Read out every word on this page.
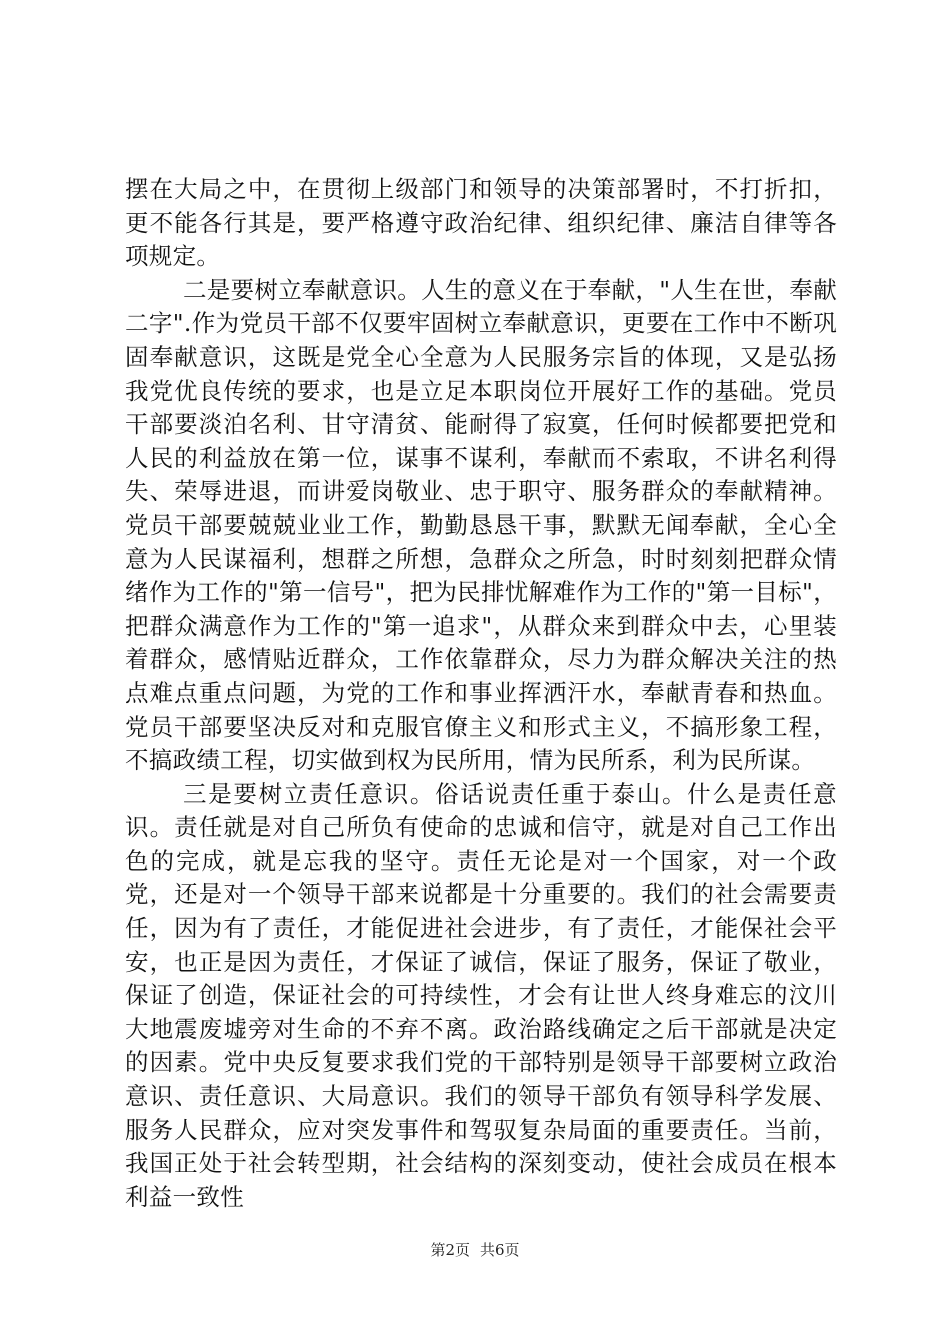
摆在大局之中，在贯彻上级部门和领导的决策部署时，不打折扣，更不能各行其是，要严格遵守政治纪律、组织纪律、廉洁自律等各项规定。

二是要树立奉献意识。人生的意义在于奉献，"人生在世，奉献二字".作为党员干部不仅要牢固树立奉献意识，更要在工作中不断巩固奉献意识，这既是党全心全意为人民服务宗旨的体现，又是弘扬我党优良传统的要求，也是立足本职岗位开展好工作的基础。党员干部要淡泊名利、甘守清贫、能耐得了寂寞，任何时候都要把党和人民的利益放在第一位，谋事不谋利，奉献而不索取，不讲名利得失、荣辱进退，而讲爱岗敬业、忠于职守、服务群众的奉献精神。党员干部要兢兢业业工作，勤勤恳恳干事，默默无闻奉献，全心全意为人民谋福利，想群之所想，急群众之所急，时时刻刻把群众情绪作为工作的"第一信号"，把为民排忧解难作为工作的"第一目标"，把群众满意作为工作的"第一追求"，从群众来到群众中去，心里装着群众，感情贴近群众，工作依靠群众，尽力为群众解决关注的热点难点重点问题，为党的工作和事业挥洒汗水，奉献青春和热血。党员干部要坚决反对和克服官僚主义和形式主义，不搞形象工程，不搞政绩工程，切实做到权为民所用，情为民所系，利为民所谋。

三是要树立责任意识。俗话说责任重于泰山。什么是责任意识。责任就是对自己所负有使命的忠诚和信守，就是对自己工作出色的完成，就是忘我的坚守。责任无论是对一个国家，对一个政党，还是对一个领导干部来说都是十分重要的。我们的社会需要责任，因为有了责任，才能促进社会进步，有了责任，才能保社会平安，也正是因为责任，才保证了诚信，保证了服务，保证了敬业，保证了创造，保证社会的可持续性，才会有让世人终身难忘的汶川大地震废墟旁对生命的不弃不离。政治路线确定之后干部就是决定的因素。党中央反复要求我们党的干部特别是领导干部要树立政治意识、责任意识、大局意识。我们的领导干部负有领导科学发展、服务人民群众，应对突发事件和驾驭复杂局面的重要责任。当前，我国正处于社会转型期，社会结构的深刻变动，使社会成员在根本利益一致性

第2页 共6页
